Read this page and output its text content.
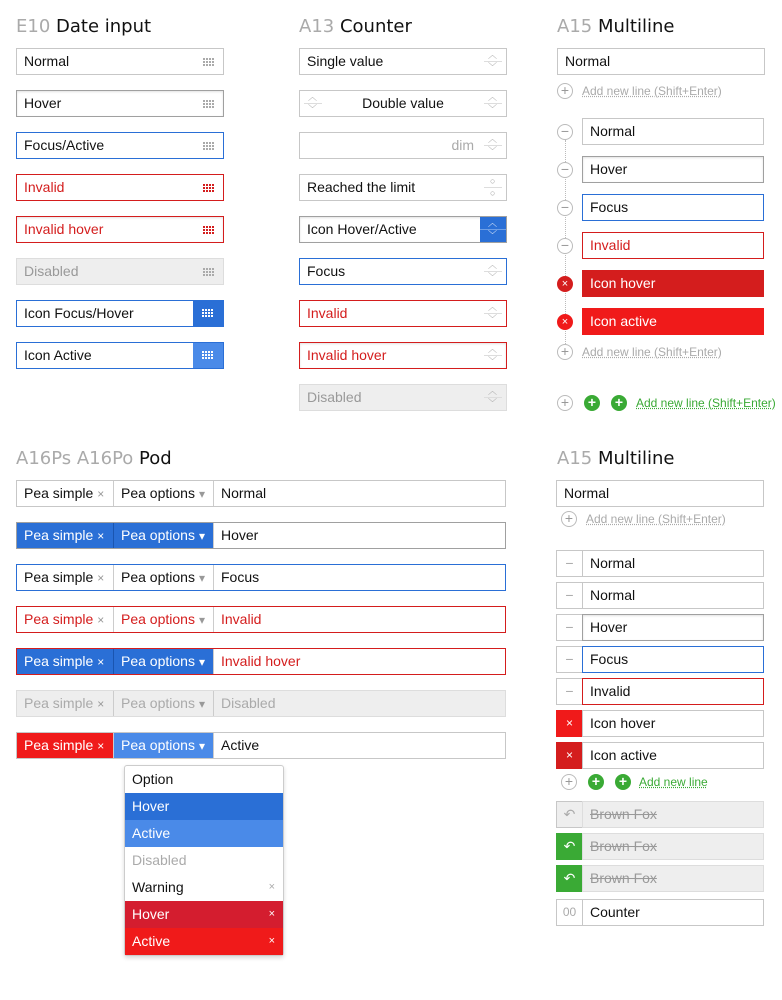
E10 Date input	A13 Counter	A15 Multiline
A16Ps A16Po Pod	A15 Multiline
Normal
Hover
Focus/Active
Invalid
Invalid hover
Disabled
Icon Focus/Hover
Icon Active
Single value	︿
﹀
︿
﹀	Double value	︿
﹀
dim ︿
﹀
Reached the limit	○
○
Icon Hover/Active	︿
﹀
Focus	︿
﹀
Invalid	︿
﹀
Invalid hover	︿
﹀
Disabled	︿
﹀
Normal
+	Add new line (Shift+Enter)
−	Normal
−	Hover
−	Focus
−	Invalid
×	Icon hover
×	Icon active
+	Add new line (Shift+Enter)
+ + +	Add new line (Shift+Enter)
Pea simple ×	Pea options ▾	Normal
Pea simple ×	Pea options ▾	Hover
Pea simple ×	Pea options ▾	Focus
Pea simple ×	Pea options ▾	Invalid
Pea simple ×	Pea options ▾	Invalid hover
Pea simple ×	Pea options ▾	Disabled
Pea simple ×	Pea options ▾	Active
Option
Hover
Active
Disabled
Warning	×
Hover	×
Active	×
Normal
+	Add new line (Shift+Enter)
−	Normal
−	Normal
−	Hover
−	Focus
−	Invalid
×	Icon hover
×	Icon active
+ + + Add new line
↶	Brown Fox
↶	Brown Fox
↶	Brown Fox
00 Counter
